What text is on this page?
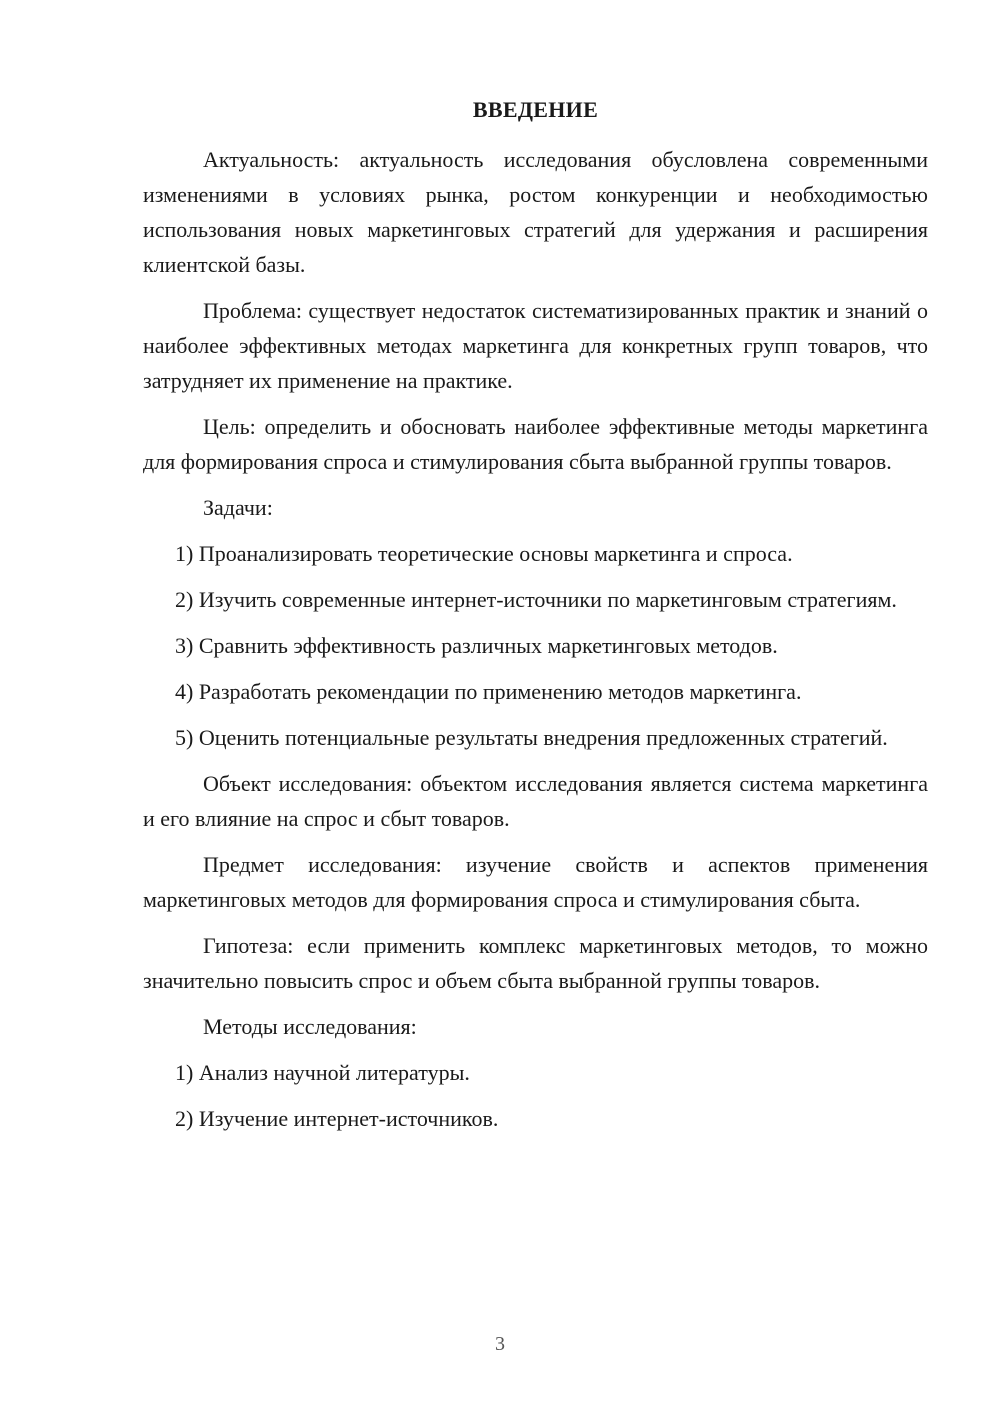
ВВЕДЕНИЕ

Актуальность: актуальность исследования обусловлена современными изменениями в условиях рынка, ростом конкуренции и необходимостью использования новых маркетинговых стратегий для удержания и расширения клиентской базы.

Проблема: существует недостаток систематизированных практик и знаний о наиболее эффективных методах маркетинга для конкретных групп товаров, что затрудняет их применение на практике.

Цель: определить и обосновать наиболее эффективные методы маркетинга для формирования спроса и стимулирования сбыта выбранной группы товаров.

Задачи:

1) Проанализировать теоретические основы маркетинга и спроса.

2) Изучить современные интернет-источники по маркетинговым стратегиям.

3) Сравнить эффективность различных маркетинговых методов.

4) Разработать рекомендации по применению методов маркетинга.

5) Оценить потенциальные результаты внедрения предложенных стратегий.

Объект исследования: объектом исследования является система маркетинга и его влияние на спрос и сбыт товаров.

Предмет исследования: изучение свойств и аспектов применения маркетинговых методов для формирования спроса и стимулирования сбыта.

Гипотеза: если применить комплекс маркетинговых методов, то можно значительно повысить спрос и объем сбыта выбранной группы товаров.

Методы исследования:

1) Анализ научной литературы.

2) Изучение интернет-источников.

3
